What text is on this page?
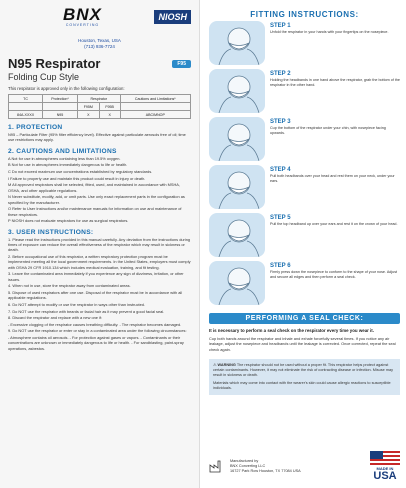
BNX
CONVERTING
NIOSH
Houston, Texas, USA
(713) 936-7724
N95 Respirator	F95
Folding Cup Style
This respirator is approved only in the following configuration:
TC	Protection*	Respirator		Cautions and Limitations*
		F95M	F95B	
84A-XXXX	N95	X	X	ABCIMNOP
1. PROTECTION
N95 – Particulate Filter (95% filter efficiency level). Effective against particulate aerosols free of oil; time use restrictions may apply.
2. CAUTIONS AND LIMITATIONS

A Not for use in atmospheres containing less than 19.5% oxygen.

B Not for use in atmospheres immediately dangerous to life or health.

C Do not exceed maximum use concentrations established by regulatory standards.

I Failure to properly use and maintain this product could result in injury or death.

M All approved respirators shall be selected, fitted, used, and maintained in accordance with MSHA, OSHA, and other applicable regulations.

N Never substitute, modify, add, or omit parts. Use only exact replacement parts in the configuration as specified by the manufacturer.

O Refer to User Instructions and/or maintenance manuals for information on use and maintenance of these respirators.

P NIOSH does not evaluate respirators for use as surgical respirators.

3. USER INSTRUCTIONS:

1. Please read the instructions provided in this manual carefully. Any deviation from the instructions during times of exposure can reduce the overall effectiveness of the respirator which may result in sickness or death.

2. Before occupational use of this respirator, a written respiratory protection program must be implemented meeting all the local government requirements. In the United States, employers must comply with OSHA 29 CFR 1910.134 which includes medical evaluation, training, and fit testing.

3. Leave the contaminated area immediately if you experience any sign of dizziness, irritation, or other issues.

4. When not in use, store the respirator away from contaminated areas.

5. Dispose of used respirators after one use. Disposal of the respirator must be in accordance with all applicable regulations.

6. Do NOT attempt to modify or use the respirator in ways other than instructed.

7. Do NOT use the respirator with beards or facial hair as it may prevent a good facial seal.

8. Discard the respirator and replace with a new one if:

- Excessive clogging of the respirator causes breathing difficulty. - The respirator becomes damaged.

9. Do NOT use the respirator or enter or stay in a contaminated area under the following circumstances:

- Atmosphere contains oil aerosols. - For protection against gases or vapors. - Contaminants or their concentrations are unknown or immediately dangerous to life or health. - For sandblasting, paint-spray operations, asbestos.

FITTING INSTRUCTIONS:
STEP 1
Unfold the respirator in your hands with your fingertips on the nosepiece.
STEP 2
Holding the headbands in one hand above the respirator, grab the bottom of the respirator in the other hand.
STEP 3
Cup the bottom of the respirator under your chin, with nosepiece facing upwards.
STEP 4
Pull both headbands over your head and rest them on your neck, under your ears.
STEP 5
Pull the top headband up over your ears and rest it on the crown of your head.
STEP 6
Firmly press down the nosepiece to conform to the shape of your nose. Adjust and secure all edges and then perform a seal check.
PERFORMING A SEAL CHECK:
It is necessary to perform a seal check on the respirator every time you wear it.
Cup both hands around the respirator and inhale and exhale forcefully several times. If you notice any air leakage, adjust the nosepiece and headbands until the leakage is corrected. Once corrected, repeat the seal check again.

⚠ WARNING The respirator should not be used without a proper fit. This respirator helps protect against certain contaminants. However, it may not eliminate the risk of contracting disease or infection. Misuse may result in sickness or death.

Materials which may come into contact with the wearer's skin could cause allergic reactions to susceptible individuals.

Manufactured by
BNX Converting LLC
16727 Park Row Houston, TX 77084 USA	MADE IN
USA
